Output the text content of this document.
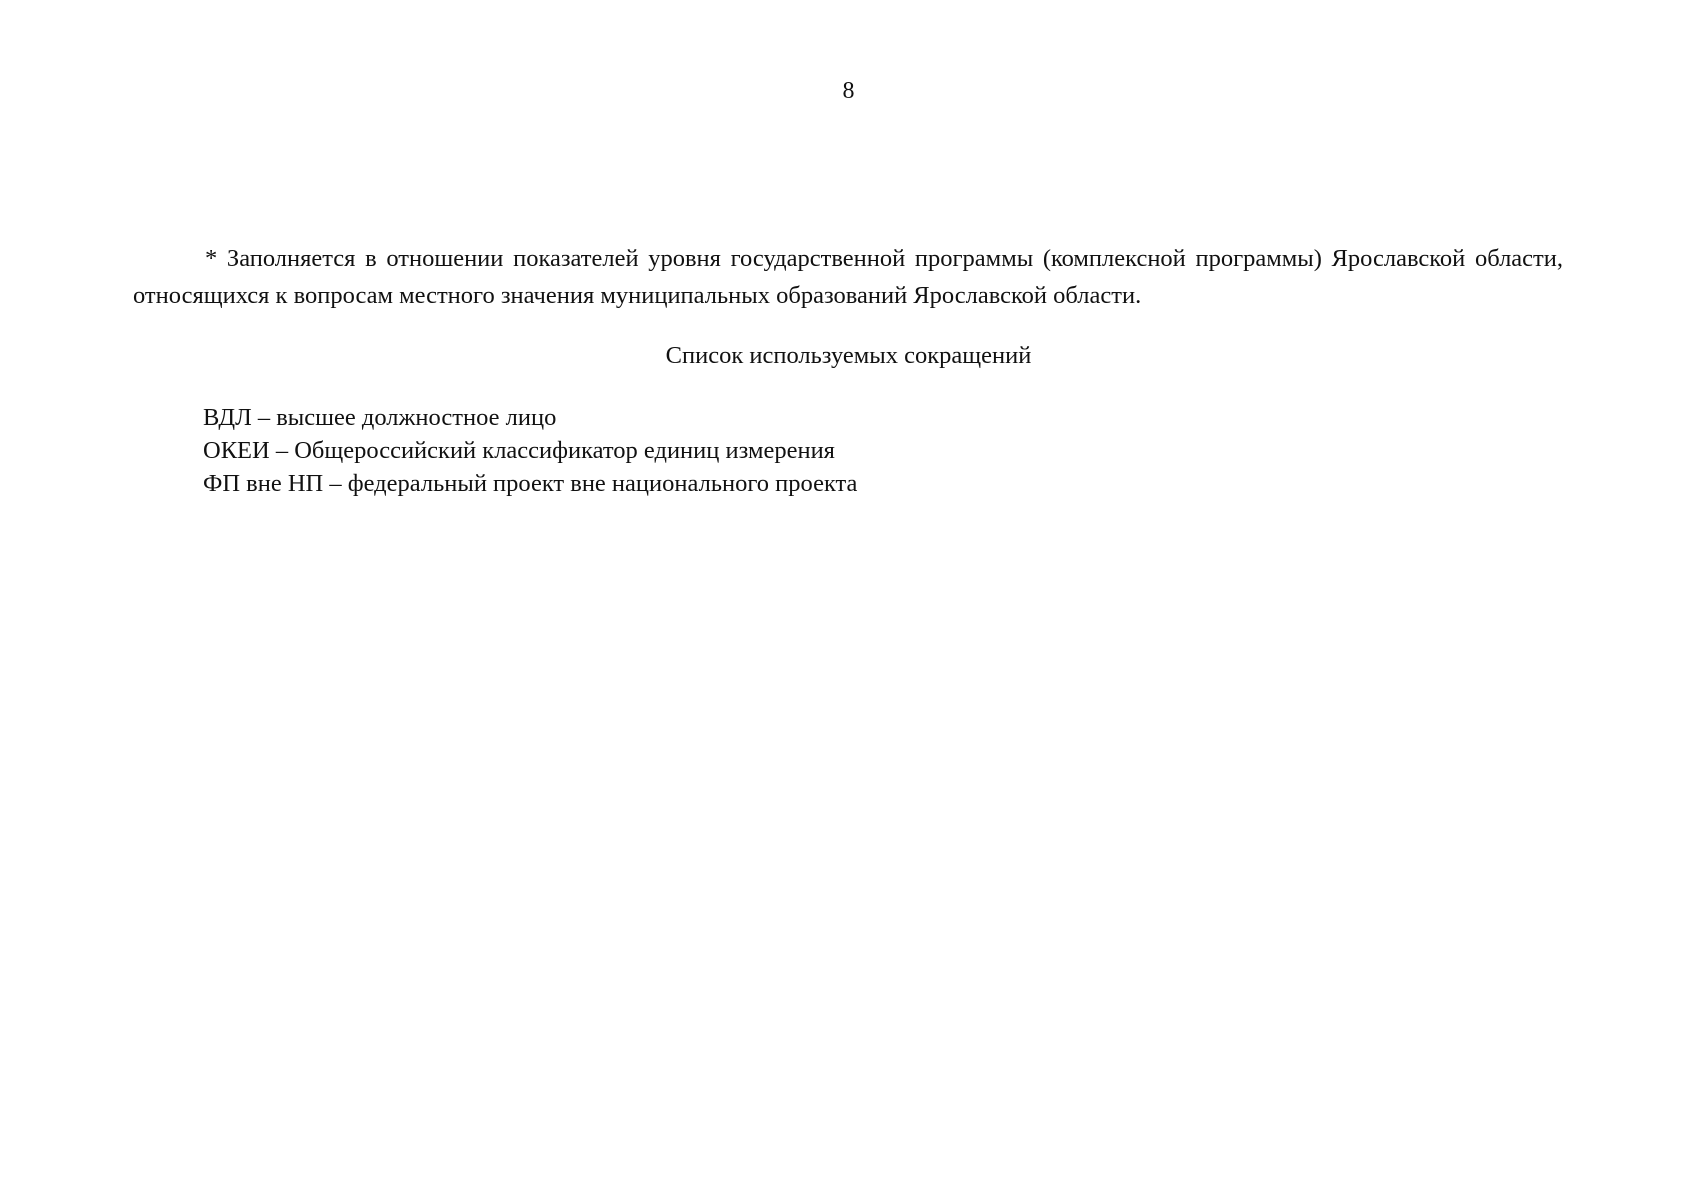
8

* Заполняется в отношении показателей уровня государственной программы (комплексной программы) Ярославской области, относящихся к вопросам местного значения муниципальных образований Ярославской области.

Список используемых сокращений
ВДЛ – высшее должностное лицо
ОКЕИ – Общероссийский классификатор единиц измерения
ФП вне НП – федеральный проект вне национального проекта
